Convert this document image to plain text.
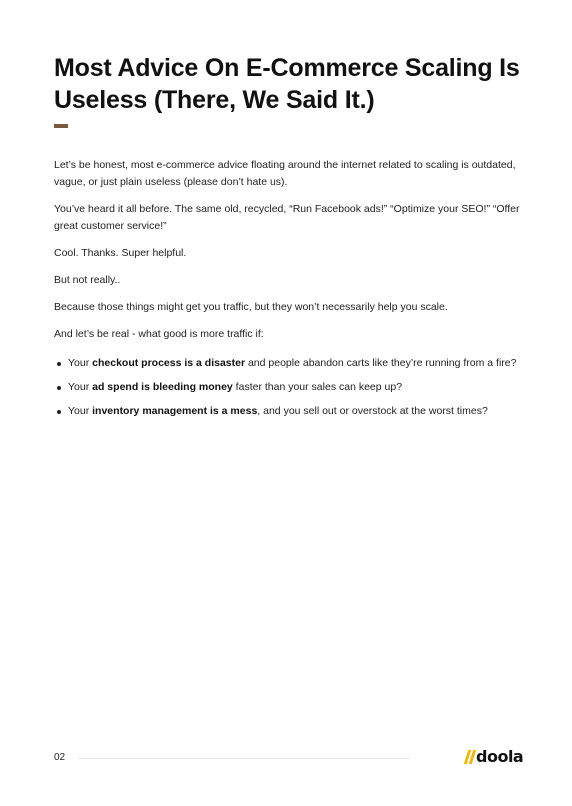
Most Advice On E-Commerce Scaling Is Useless (There, We Said It.)

Let’s be honest, most e-commerce advice floating around the internet related to scaling is outdated, vague, or just plain useless (please don’t hate us).

You’ve heard it all before. The same old, recycled, “Run Facebook ads!” “Optimize your SEO!” “Offer great customer service!”

Cool. Thanks. Super helpful.

But not really..

Because those things might get you traffic, but they won’t necessarily help you scale.

And let’s be real - what good is more traffic if:

Your checkout process is a disaster and people abandon carts like they’re running from a fire?
Your ad spend is bleeding money faster than your sales can keep up?
Your inventory management is a mess, and you sell out or overstock at the worst times?
02	doola
